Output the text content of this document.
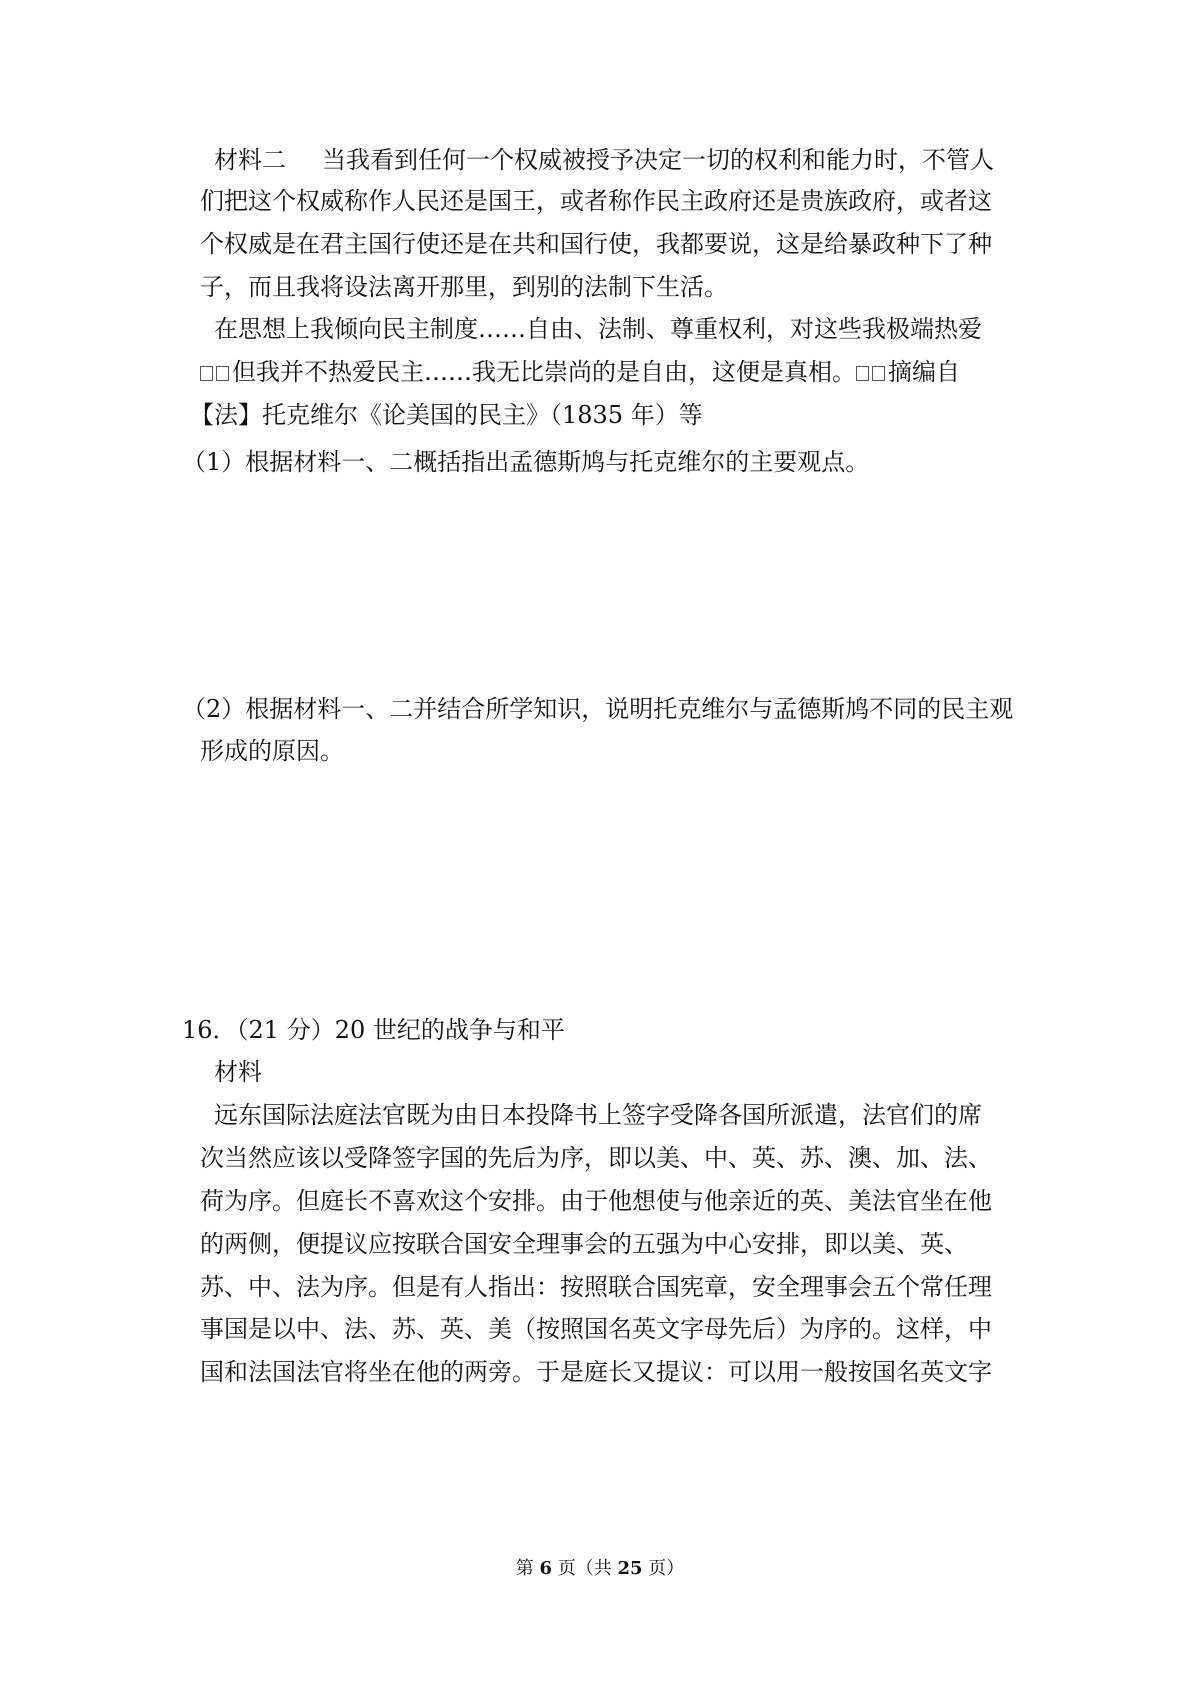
材料二 当我看到任何一个权威被授予决定一切的权利和能力时，不管人
们把这个权威称作人民还是国王，或者称作民主政府还是贵族政府，或者这
个权威是在君主国行使还是在共和国行使，我都要说，这是给暴政种下了种
子，而且我将设法离开那里，到别的法制下生活。
在思想上我倾向民主制度……自由、法制、尊重权利，对这些我极端热爱
但我并不热爱民主……我无比崇尚的是自由，这便是真相。 摘编自
【法】托克维尔《论美国的民主》（1835 年）等
（1）根据材料一、二概括指出孟德斯鸠与托克维尔的主要观点。
（2）根据材料一、二并结合所学知识，说明托克维尔与孟德斯鸠不同的民主观
形成的原因。
16．（21 分）20 世纪的战争与和平
材料
远东国际法庭法官既为由日本投降书上签字受降各国所派遣，法官们的席
次当然应该以受降签字国的先后为序，即以美、中、英、苏、澳、加、法、
荷为序。但庭长不喜欢这个安排。由于他想使与他亲近的英、美法官坐在他
的两侧，便提议应按联合国安全理事会的五强为中心安排，即以美、英、
苏、中、法为序。但是有人指出：按照联合国宪章，安全理事会五个常任理
事国是以中、法、苏、英、美（按照国名英文字母先后）为序的。这样，中
国和法国法官将坐在他的两旁。于是庭长又提议：可以用一般按国名英文字
第 6 页（共 25 页）
